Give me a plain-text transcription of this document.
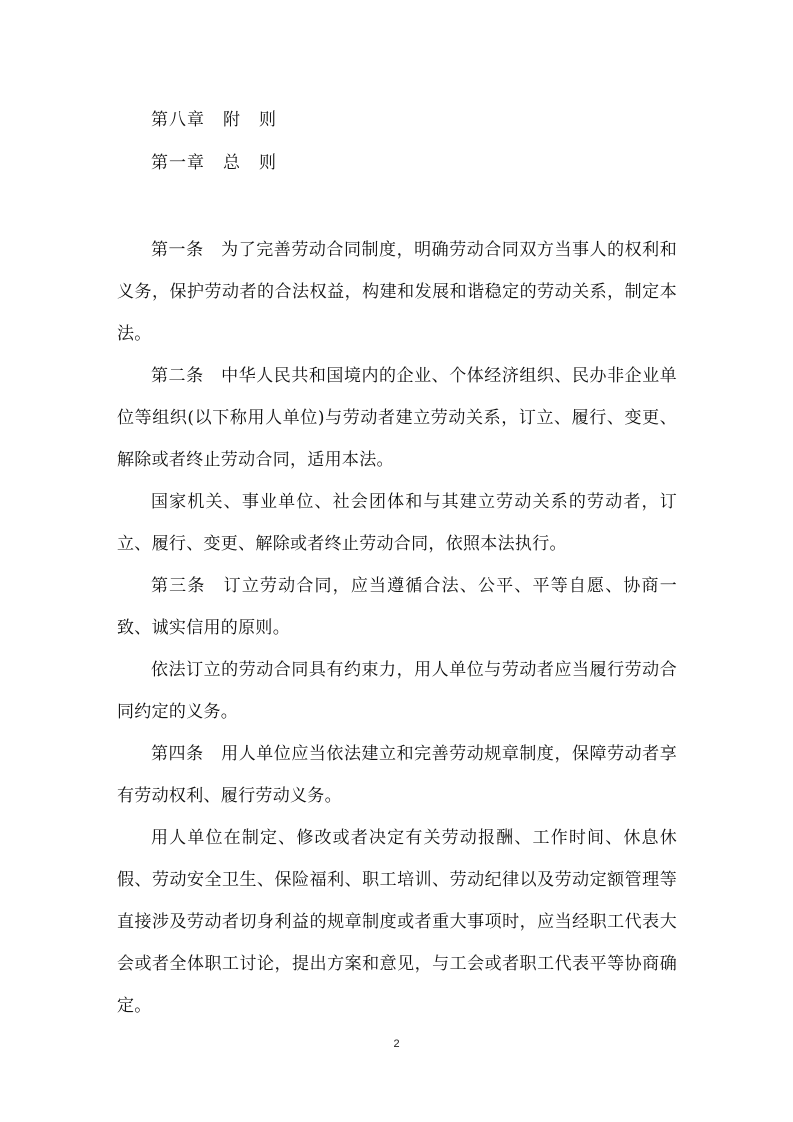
第八章　附　则
第一章　总　则

第一条　为了完善劳动合同制度，明确劳动合同双方当事人的权利和义务，保护劳动者的合法权益，构建和发展和谐稳定的劳动关系，制定本法。

第二条　中华人民共和国境内的企业、个体经济组织、民办非企业单位等组织(以下称用人单位)与劳动者建立劳动关系，订立、履行、变更、解除或者终止劳动合同，适用本法。

国家机关、事业单位、社会团体和与其建立劳动关系的劳动者，订立、履行、变更、解除或者终止劳动合同，依照本法执行。

第三条　订立劳动合同，应当遵循合法、公平、平等自愿、协商一致、诚实信用的原则。

依法订立的劳动合同具有约束力，用人单位与劳动者应当履行劳动合同约定的义务。

第四条　用人单位应当依法建立和完善劳动规章制度，保障劳动者享有劳动权利、履行劳动义务。

用人单位在制定、修改或者决定有关劳动报酬、工作时间、休息休假、劳动安全卫生、保险福利、职工培训、劳动纪律以及劳动定额管理等直接涉及劳动者切身利益的规章制度或者重大事项时，应当经职工代表大会或者全体职工讨论，提出方案和意见，与工会或者职工代表平等协商确定。

2
